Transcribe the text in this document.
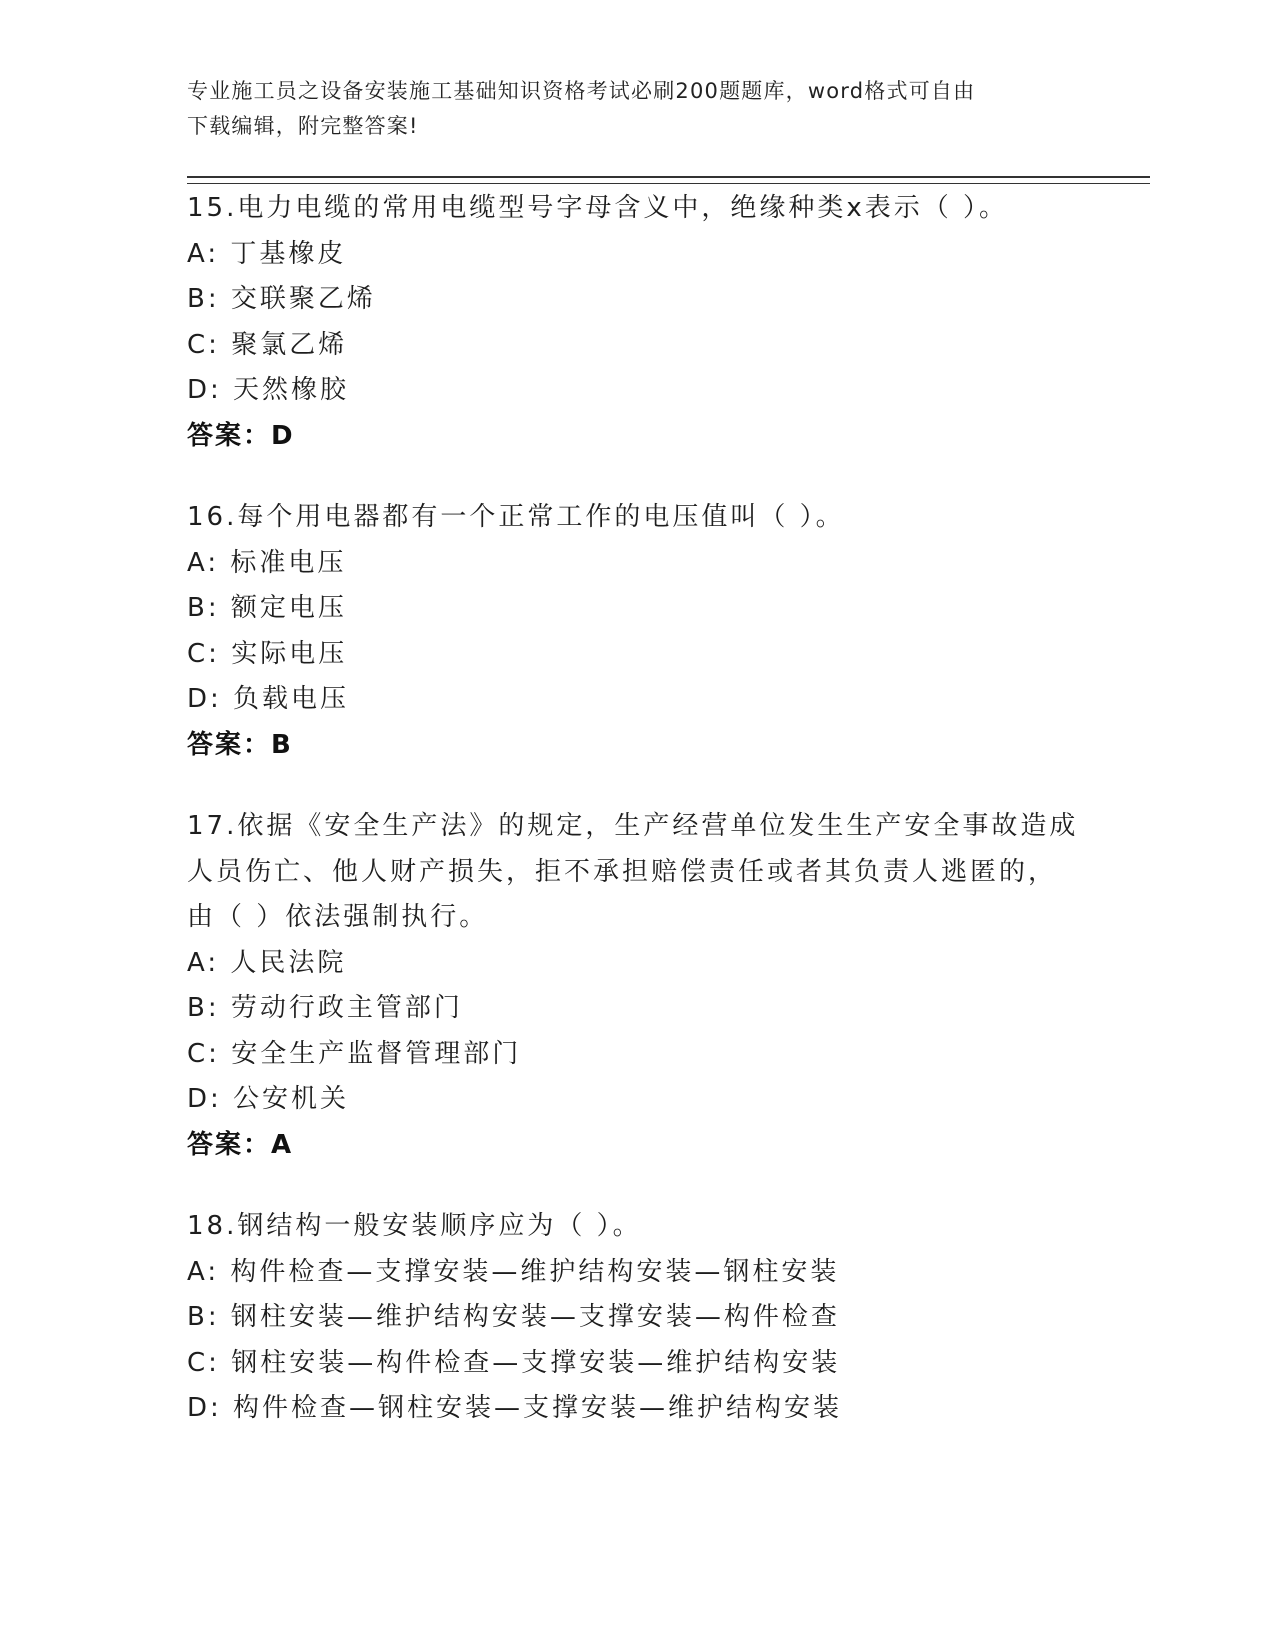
专业施工员之设备安装施工基础知识资格考试必刷200题题库，word格式可自由
下载编辑，附完整答案!
15.电力电缆的常用电缆型号字母含义中，绝缘种类x表示（ ）。
A: 丁基橡皮
B: 交联聚乙烯
C: 聚氯乙烯
D: 天然橡胶
答案：D
16.每个用电器都有一个正常工作的电压值叫（ ）。
A: 标准电压
B: 额定电压
C: 实际电压
D: 负载电压
答案：B
17.依据《安全生产法》的规定，生产经营单位发生生产安全事故造成
人员伤亡、他人财产损失，拒不承担赔偿责任或者其负责人逃匿的，
由（ ）依法强制执行。
A: 人民法院
B: 劳动行政主管部门
C: 安全生产监督管理部门
D: 公安机关
答案：A
18.钢结构一般安装顺序应为（ ）。
A: 构件检查—支撑安装—维护结构安装—钢柱安装
B: 钢柱安装—维护结构安装—支撑安装—构件检查
C: 钢柱安装—构件检查—支撑安装—维护结构安装
D: 构件检查—钢柱安装—支撑安装—维护结构安装
